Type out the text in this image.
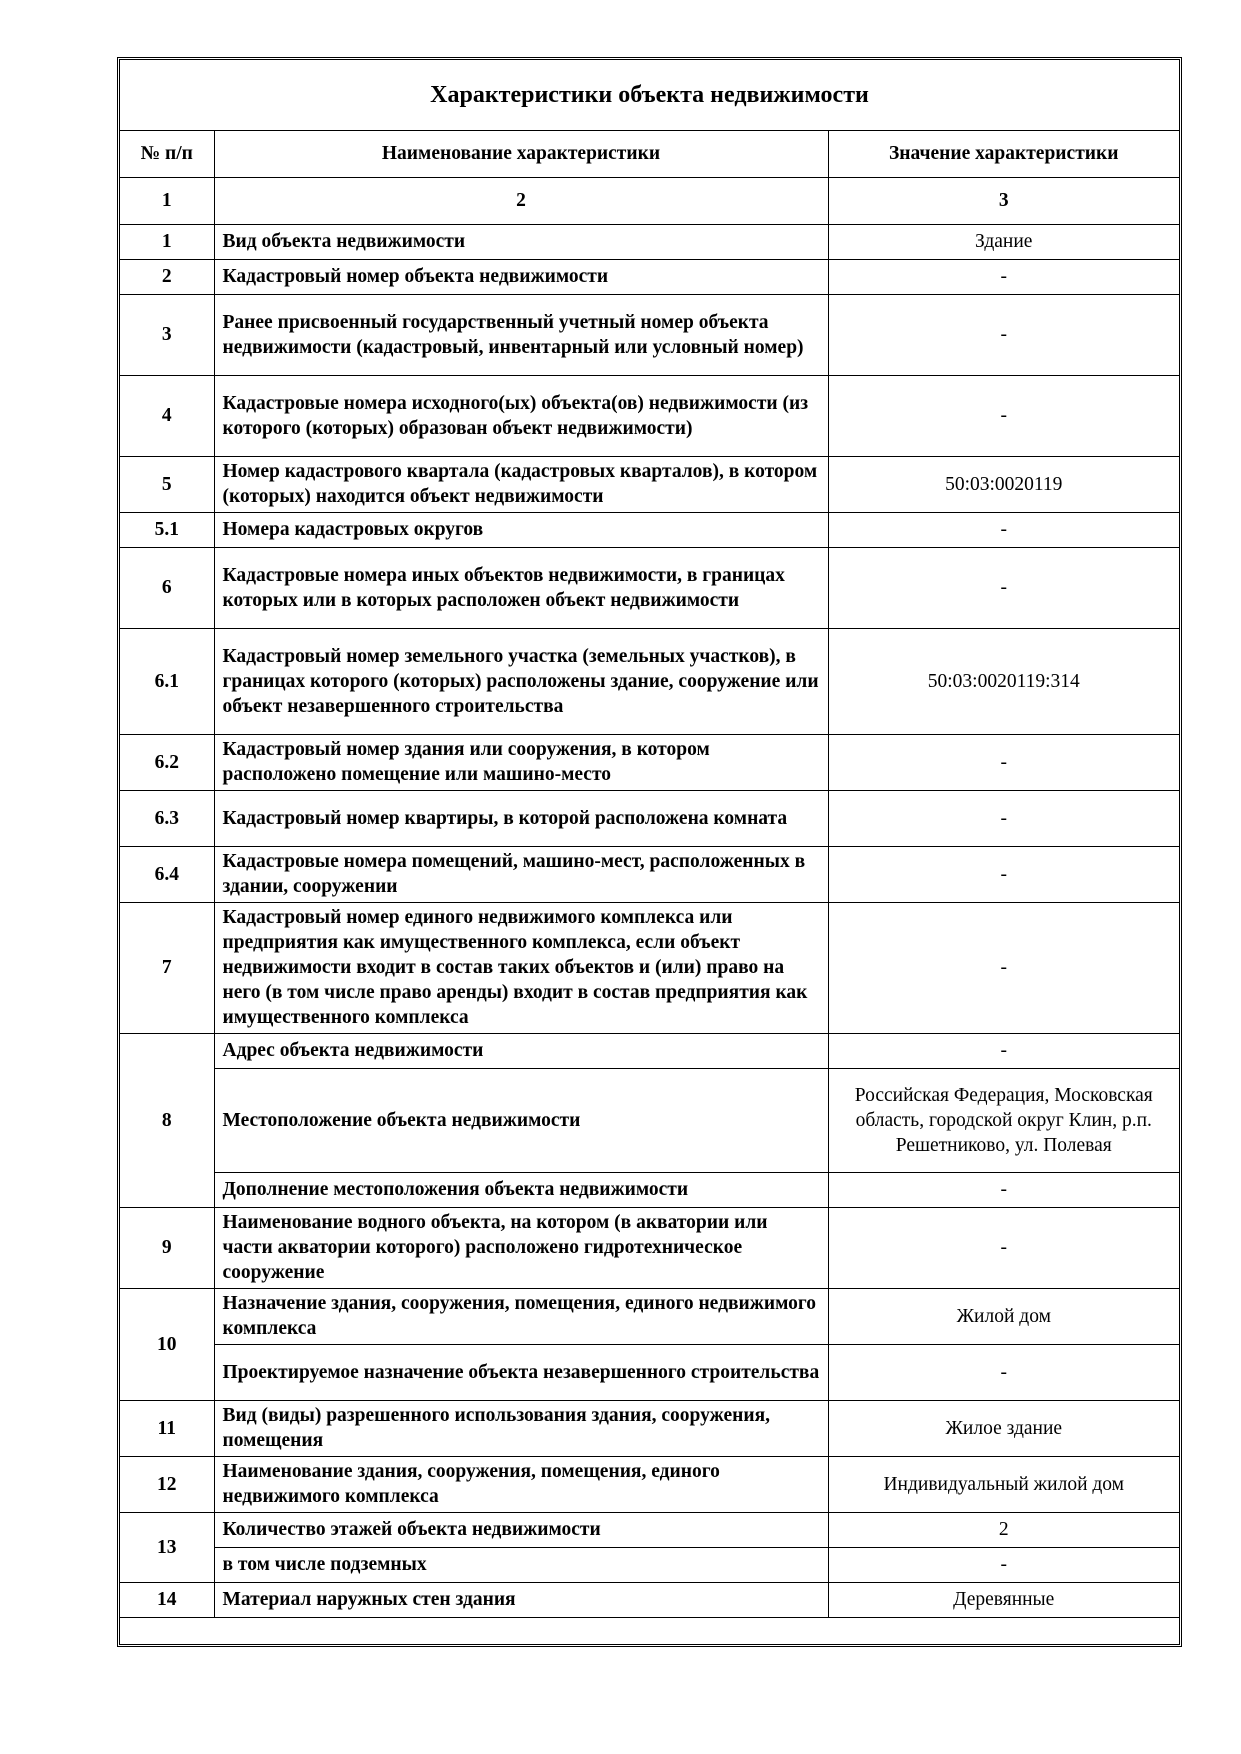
Характеристики объекта недвижимости
№ п/п	Наименование характеристики	Значение характеристики
1	2	3
1	Вид объекта недвижимости	Здание
2	Кадастровый номер объекта недвижимости	-
3	Ранее присвоенный государственный учетный номер объекта недвижимости (кадастровый, инвентарный или условный номер)	-
4	Кадастровые номера исходного(ых) объекта(ов) недвижимости (из которого (которых) образован объект недвижимости)	-
5	Номер кадастрового квартала (кадастровых кварталов), в котором (которых) находится объект недвижимости	50:03:0020119
5.1	Номера кадастровых округов	-
6	Кадастровые номера иных объектов недвижимости, в границах которых или в которых расположен объект недвижимости	-
6.1	Кадастровый номер земельного участка (земельных участков), в границах которого (которых) расположены здание, сооружение или объект незавершенного строительства	50:03:0020119:314
6.2	Кадастровый номер здания или сооружения, в котором расположено помещение или машино-место	-
6.3	Кадастровый номер квартиры, в которой расположена комната	-
6.4	Кадастровые номера помещений, машино-мест, расположенных в здании, сооружении	-
7	Кадастровый номер единого недвижимого комплекса или предприятия как имущественного комплекса, если объект недвижимости входит в состав таких объектов и (или) право на него (в том числе право аренды) входит в состав предприятия как имущественного комплекса	-
8	Адрес объекта недвижимости	-
	Местоположение объекта недвижимости	Российская Федерация, Московская область, городской округ Клин, р.п. Решетниково, ул. Полевая
	Дополнение местоположения объекта недвижимости	-
9	Наименование водного объекта, на котором (в акватории или части акватории которого) расположено гидротехническое сооружение	-
10	Назначение здания, сооружения, помещения, единого недвижимого комплекса	Жилой дом
	Проектируемое назначение объекта незавершенного строительства	-
11	Вид (виды) разрешенного использования здания, сооружения, помещения	Жилое здание
12	Наименование здания, сооружения, помещения, единого недвижимого комплекса	Индивидуальный жилой дом
13	Количество этажей объекта недвижимости	2
	в том числе подземных	-
14	Материал наружных стен здания	Деревянные
